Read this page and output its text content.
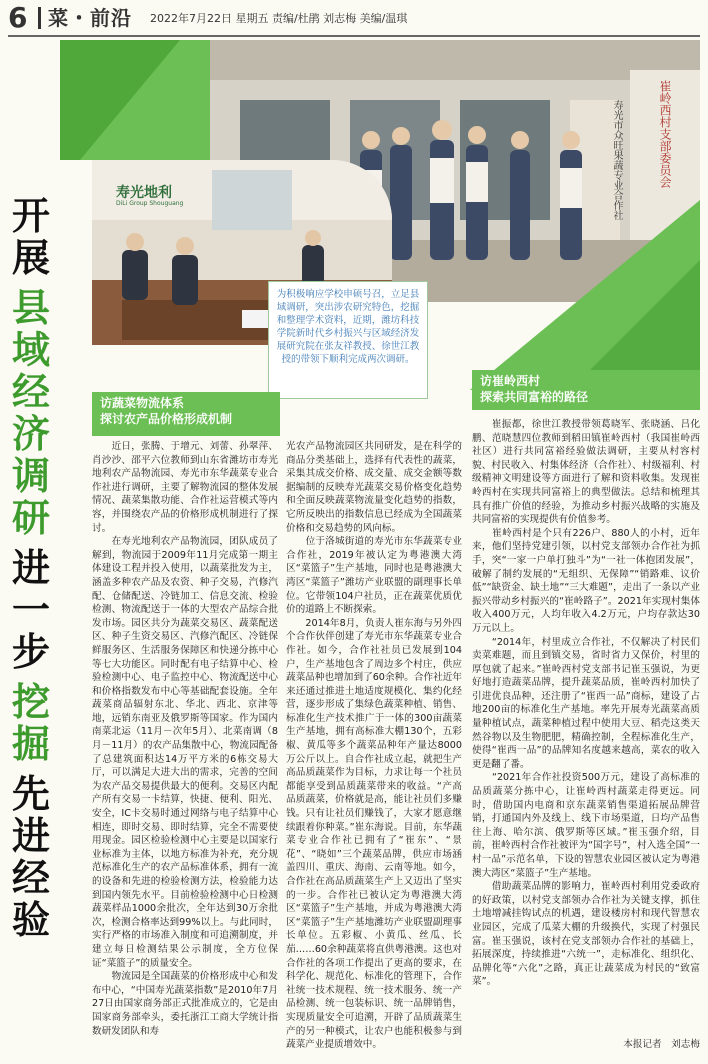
6 菜・前沿 2022年7月22日 星期五 责编/杜鹃 刘志梅 美编/温琪
寿光市众旺果蔬专业合作社	崔岭西村支部委员会
寿光地利
DiLi Group Shouguang
开
展
县
域
经
济
调
研
进
一
步
挖
掘
先
进
经
验
为积极响应学校申硕号召，立足县域调研，突出涉农研究特色，挖掘和整理学术资料，近期，潍坊科技学院新时代乡村振兴与区域经济发展研究院在张友祥教授、徐世江教授的带领下顺利完成两次调研。
访蔬菜物流体系
探讨农产品价格形成机制
访崔岭西村
探索共同富裕的路径
　　近日，张腾、于增元、刘蕾、孙翠萍、肖沙沙、邵平六位教师到山东省潍坊市寿光地利农产品物流园、寿光市东华蔬菜专业合作社进行调研，主要了解物流园的整体发展情况、蔬菜集散功能、合作社运营模式等内容，并围绕农产品的价格形成机制进行了探讨。
　　在寿光地利农产品物流园，团队成员了解到，物流园于2009年11月完成第一期主体建设工程并投入使用，以蔬菜批发为主，涵盖多种农产品及农资、种子交易，汽修汽配、仓储配送、冷链加工、信息交流、检验检测、物流配送于一体的大型农产品综合批发市场。园区共分为蔬菜交易区、蔬菜配送区、种子生资交易区、汽修汽配区、冷链保鲜服务区、生活服务保障区和快递分拣中心等七大功能区。同时配有电子结算中心、检验检测中心、电子监控中心、物流配送中心和价格指数发布中心等基础配套设施。全年蔬菜商品辐射东北、华北、西北、京津等地，远销东南亚及俄罗斯等国家。作为国内南菜北运（11月－次年5月）、北菜南调（8月－11月）的农产品集散中心，物流园配备了总建筑面积达14万平方米的6栋交易大厅，可以满足大进大出的需求，完善的空间为农产品交易提供最大的便利。交易区内配产所有交易一卡结算，快捷、便利、阳光、安全，IC卡交易时通过网络与电子结算中心相连，即时交易、即时结算，完全不需要使用现金。园区检验检测中心主要是以国家行业标准为主体，以地方标准为补充，充分规范标准化生产的农产品标准体系，拥有一流的设备和先进的检验检测方法，检验能力达到国内领先水平。目前检验检测中心日检测蔬菜样品1000余批次，全年达到30万余批次，检测合格率达到99%以上。与此同时，实行严格的市场准入制度和可追溯制度，并建立每日检测结果公示制度，全方位保证“菜篮子”的质量安全。
　　物流园是全国蔬菜的价格形成中心和发布中心，“中国寿光蔬菜指数”是2010年7月27日由国家商务部正式批准成立的，它是由国家商务部牵头，委托浙江工商大学统计指数研发团队和寿
光农产品物流园区共同研发，是在科学的商品分类基础上，选择有代表性的蔬菜，采集其成交价格、成交量、成交金额等数据编制的反映寿光蔬菜交易价格变化趋势和全面反映蔬菜物流量变化趋势的指数，它所反映出的指数信息已经成为全国蔬菜价格和交易趋势的风向标。
　　位于洛城街道的寿光市东华蔬菜专业合作社，2019年被认定为粤港澳大湾区“菜篮子”生产基地，同时也是粤港澳大湾区“菜篮子”潍坊产业联盟的副理事长单位。它带领104户社员，正在蔬菜优质优价的道路上不断探索。
　　2014年8月，负责人崔东海与另外四个合作伙伴创建了寿光市东华蔬菜专业合作社。如今，合作社社员已发展到104户，生产基地包含了周边多个村庄，供应蔬菜品种也增加到了60余种。合作社近年来还通过推进土地适度规模化、集约化经营，逐步形成了集绿色蔬菜种植、销售、标准化生产技术推广于一体的300亩蔬菜生产基地，拥有高标准大棚130个，五彩椒、黄瓜等多个蔬菜品种年产量达8000万公斤以上。自合作社成立起，就把生产高品质蔬菜作为目标，力求让每一个社员都能享受到品质蔬菜带来的收益。“产高品质蔬菜，价格就是高，能让社员们多赚钱。只有让社员们赚钱了，大家才愿意继续跟着你种菜。”崔东海说。目前，东华蔬菜专业合作社已拥有了“崔东”、“景花”、“晓如”三个蔬菜品牌，供应市场涵盖四川、重庆、海南、云南等地。如今，合作社在高品质蔬菜生产上又迈出了坚实的一步。合作社已被认定为粤港澳大湾区“菜篮子”生产基地，并成为粤港澳大湾区“菜篮子”生产基地潍坊产业联盟副理事长单位。五彩椒、小黄瓜、丝瓜、长茄……60余种蔬菜将直供粤港澳。这也对合作社的各项工作提出了更高的要求，在科学化、规范化、标准化的管理下，合作社统一技术规程、统一技术服务、统一产品检测、统一包装标识、统一品牌销售，实现质量安全可追溯，开辟了品质蔬菜生产的另一种模式，让农户也能积极参与到蔬菜产业提质增效中。
　　崔振都，徐世江教授带领葛晓军、张晓涵、吕化鹏、范晓慧四位教师到稻田镇崔岭西村（我国崔岭西社区）进行共同富裕经验做法调研，主要从村容村貌、村民收入、村集体经济（合作社）、村级福利、村级精神文明建设等方面进行了解和资料收集。发现崔岭西村在实现共同富裕上的典型做法。总结和梳理其具有推广价值的经验，为推动乡村振兴战略的实施及共同富裕的实现提供有价值参考。
　　崔岭西村是个只有226户、880人的小村，近年来，他们坚持党建引领，以村党支部领办合作社为抓手，突“一家一户单打独斗”为“一社一体抱团发展”，破解了制约发展的“无组织、无保障”“销路难、议价低”“缺资金、缺土地”“三大难题”，走出了一条以产业振兴带动乡村振兴的“崔岭路子”。2021年实现村集体收入400万元，人均年收入4.2万元，户均存款达30万元以上。
　　“2014年，村里成立合作社，不仅解决了村民们卖菜难题，而且到镇交易，省时省力又保价，村里的厚包就了起来。”崔岭西村党支部书记崔玉强说，为更好地打造蔬菜品牌，提升蔬菜品质，崔岭西村加快了引进优良品种，还注册了“崔西一品”商标，建设了占地200亩的标准化生产基地。率先开展寿光蔬菜高质量种植试点，蔬菜种植过程中使用大豆、稻壳这类天然谷物以及生物肥肥，精确控制，全程标准化生产，使得“崔西一品”的品牌知名度越来越高，菜农的收入更是翻了番。
　　“2021年合作社投资500万元，建设了高标准的品质蔬菜分拣中心，让崔岭西村蔬菜走得更远。同时，借助国内电商和京东蔬菜销售渠道拓展品牌营销，打通国内外及线上、线下市场渠道，日均产品售往上海、哈尔滨、俄罗斯等区域。”崔玉强介绍，目前，崔岭西村合作社被评为“国字号”，村入选全国“一村一品”示范名单，下设的智慧农业园区被认定为粤港澳大湾区“菜篮子”生产基地。
　　借助蔬菜品牌的影响力，崔岭西村利用党委政府的好政策，以村党支部领办合作社为关键支撑，抓住土地增减挂钩试点的机遇，建设楼房村和现代智慧农业园区，完成了瓜菜大棚的升级换代，实现了村强民富。崔玉强说，该村在党支部领办合作社的基础上，拓展深度，持续推进“六统一”，走标准化、组织化、品牌化等“六化”之路，真正让蔬菜成为村民的“致富菜”。
本报记者　刘志梅
